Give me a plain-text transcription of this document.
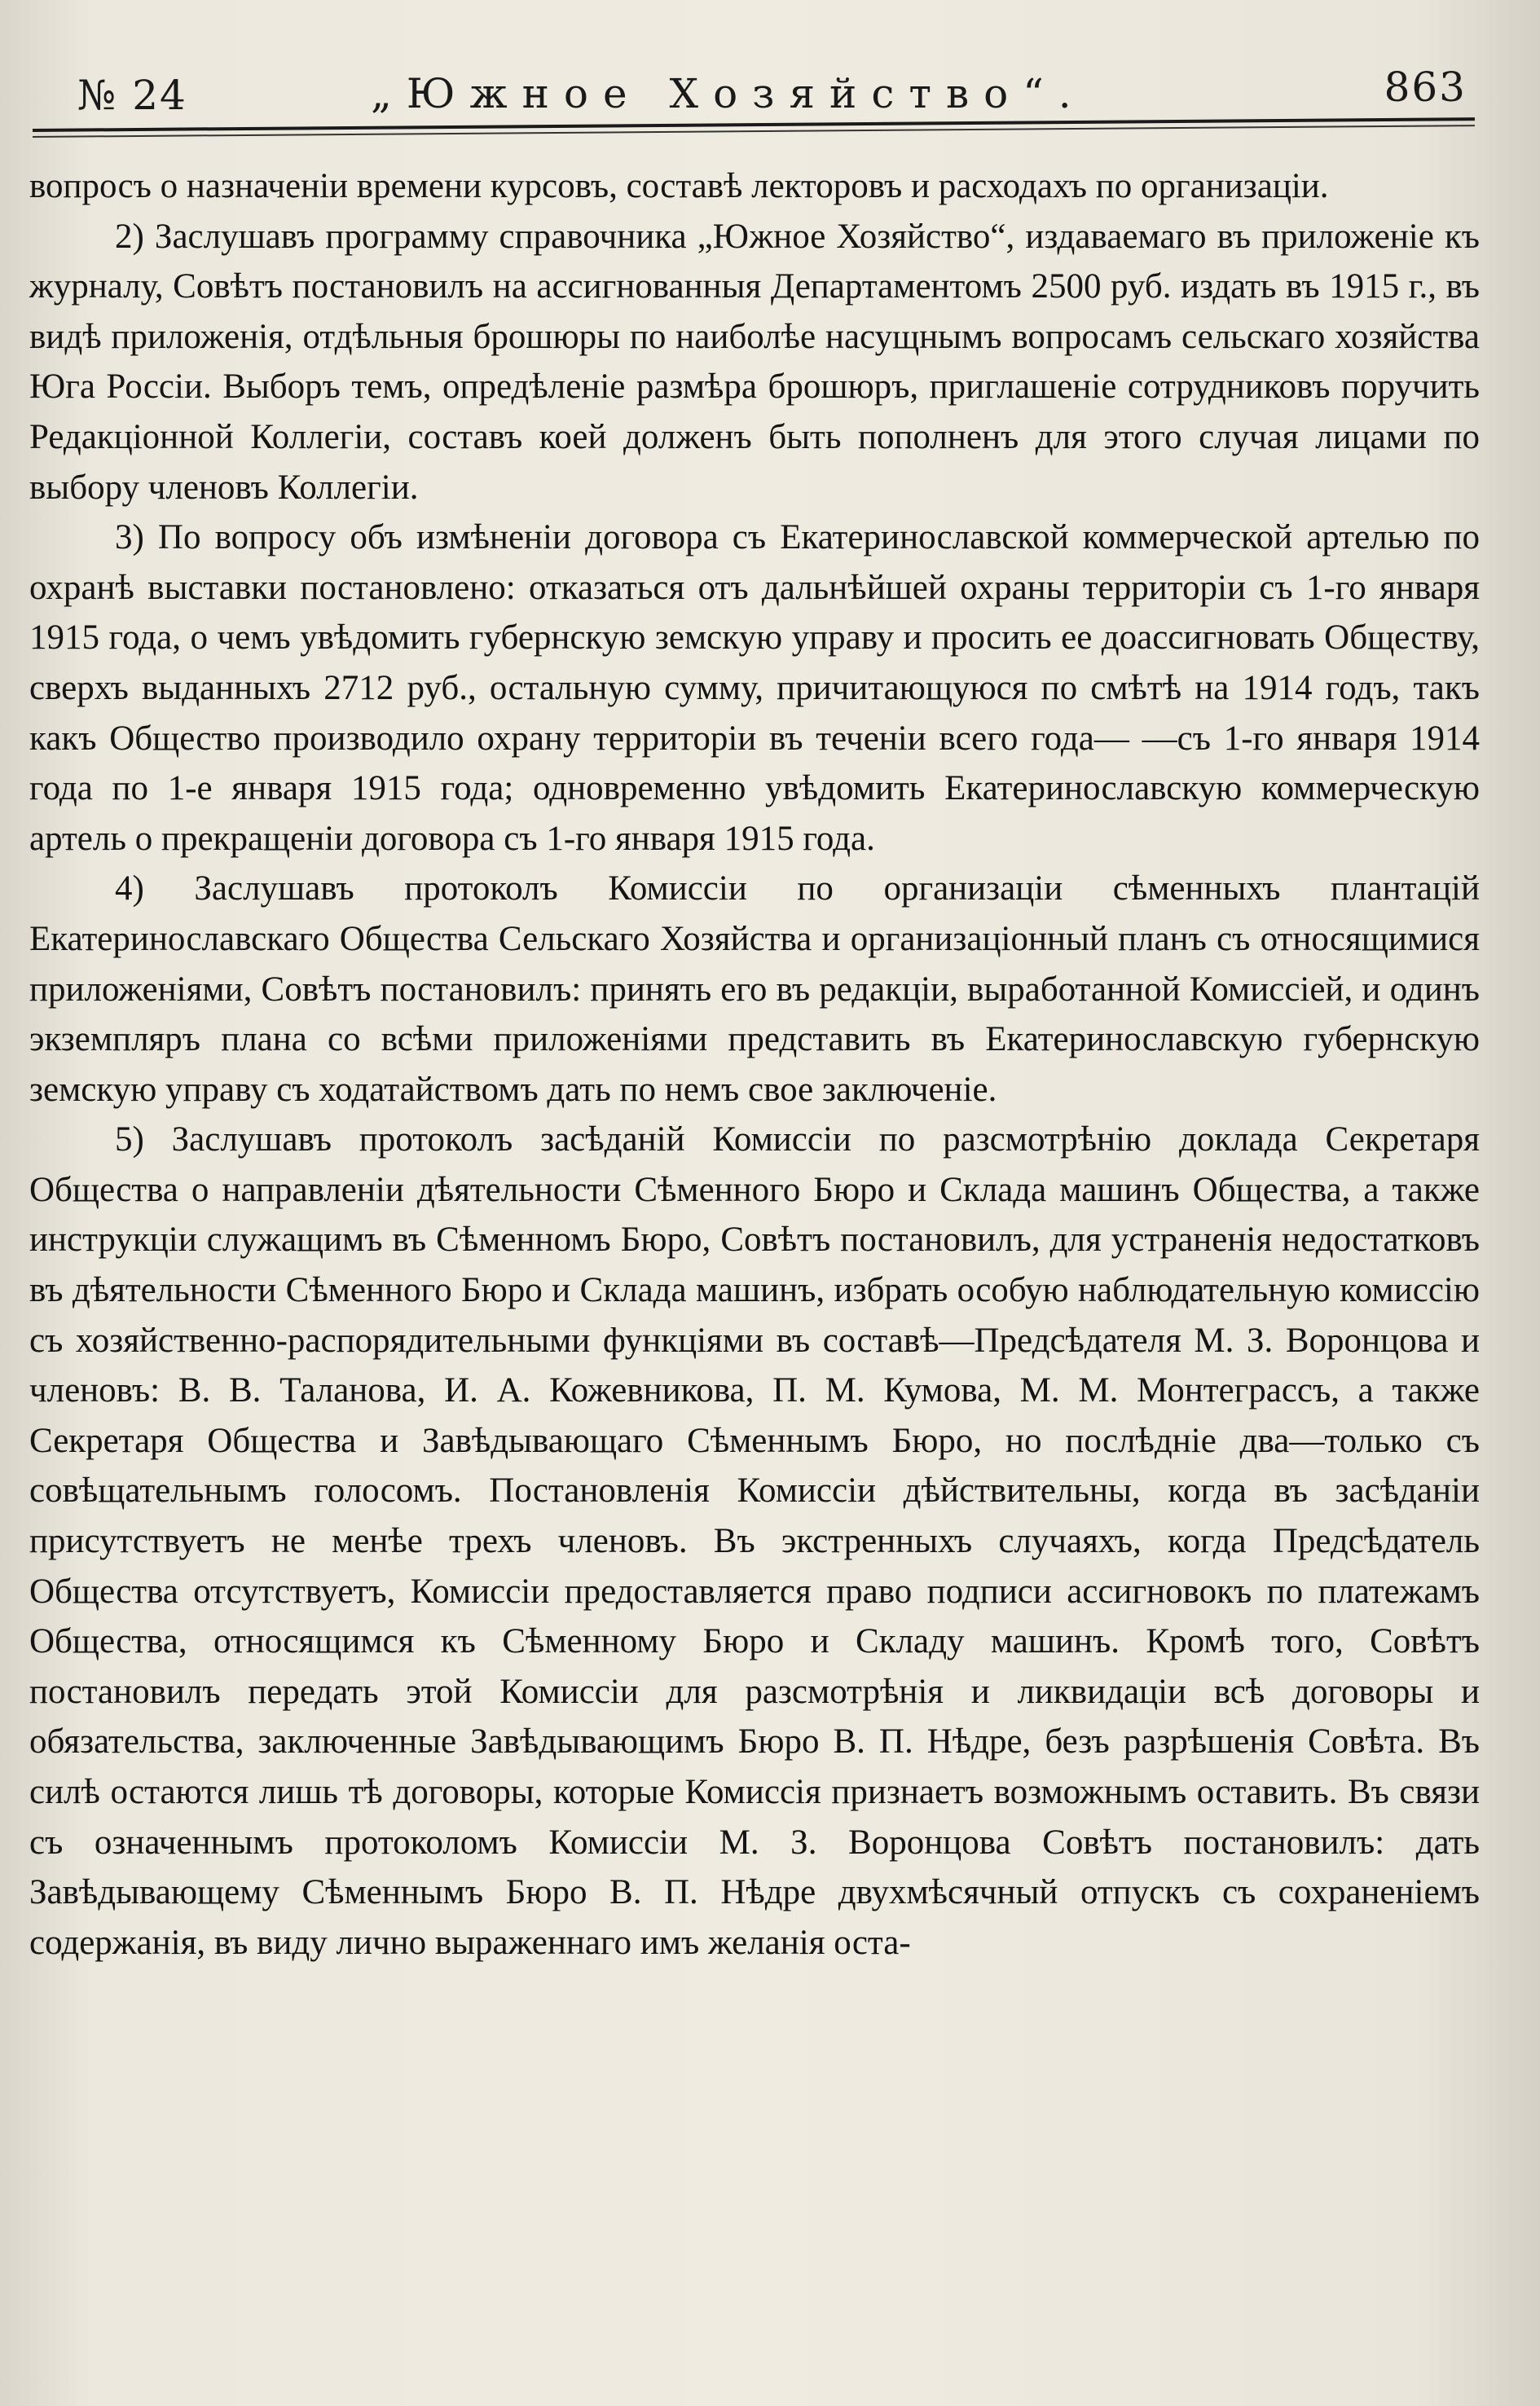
№ 24	„Южное Хозяйство“.	863

вопросъ о назначеніи времени курсовъ, составѣ лекторовъ и расходахъ по организаціи.

2) Заслушавъ программу справочника „Южное Хозяйство“, издаваемаго въ приложеніе къ журналу, Совѣтъ постановилъ на ассигнованныя Департаментомъ 2500 руб. издать въ 1915 г., въ видѣ приложенія, отдѣльныя брошюры по наиболѣе насущнымъ вопросамъ сельскаго хозяйства Юга Россіи. Выборъ темъ, опредѣленіе размѣра брошюръ, приглашеніе сотрудниковъ поручить Редакціонной Коллегіи, составъ коей долженъ быть пополненъ для этого случая лицами по выбору членовъ Коллегіи.

3) По вопросу объ измѣненіи договора съ Екатеринославской коммерческой артелью по охранѣ выставки постановлено: отказаться отъ дальнѣйшей охраны территоріи съ 1-го января 1915 года, о чемъ увѣдомить губернскую земскую управу и просить ее доассигновать Обществу, сверхъ выданныхъ 2712 руб., остальную сумму, причитающуюся по смѣтѣ на 1914 годъ, такъ какъ Общество производило охрану территоріи въ теченіи всего года— —съ 1-го января 1914 года по 1-е января 1915 года; одновременно увѣдомить Екатеринославскую коммерческую артель о прекращеніи договора съ 1-го января 1915 года.

4) Заслушавъ протоколъ Комиссіи по организаціи сѣменныхъ плантацій Екатеринославскаго Общества Сельскаго Хозяйства и организаціонный планъ съ относящимися приложеніями, Совѣтъ постановилъ: принять его въ редакціи, выработанной Комиссіей, и одинъ экземпляръ плана со всѣми приложеніями представить въ Екатеринославскую губернскую земскую управу съ ходатайствомъ дать по немъ свое заключеніе.

5) Заслушавъ протоколъ засѣданій Комиссіи по разсмотрѣнію доклада Секретаря Общества о направленіи дѣятельности Сѣменного Бюро и Склада машинъ Общества, а также инструкціи служащимъ въ Сѣменномъ Бюро, Совѣтъ постановилъ, для устраненія недостатковъ въ дѣятельности Сѣменного Бюро и Склада машинъ, избрать особую наблюдательную комиссію съ хозяйственно-распорядительными функціями въ составѣ—Предсѣдателя М. З. Воронцова и членовъ: В. В. Таланова, И. А. Кожевникова, П. М. Кумова, М. М. Монтеграссъ, а также Секретаря Общества и Завѣдывающаго Сѣменнымъ Бюро, но послѣдніе два—только съ совѣщательнымъ голосомъ. Постановленія Комиссіи дѣйствительны, когда въ засѣданіи присутствуетъ не менѣе трехъ членовъ. Въ экстренныхъ случаяхъ, когда Предсѣдатель Общества отсутствуетъ, Комиссіи предоставляется право подписи ассигновокъ по платежамъ Общества, относящимся къ Сѣменному Бюро и Складу машинъ. Кромѣ того, Совѣтъ постановилъ передать этой Комиссіи для разсмотрѣнія и ликвидаціи всѣ договоры и обязательства, заключенные Завѣдывающимъ Бюро В. П. Нѣдре, безъ разрѣшенія Совѣта. Въ силѣ остаются лишь тѣ договоры, которые Комиссія признаетъ возможнымъ оставить. Въ связи съ означеннымъ протоколомъ Комиссіи М. З. Воронцова Совѣтъ постановилъ: дать Завѣдывающему Сѣменнымъ Бюро В. П. Нѣдре двухмѣсячный отпускъ съ сохраненіемъ содержанія, въ виду лично выраженнаго имъ желанія оста-
